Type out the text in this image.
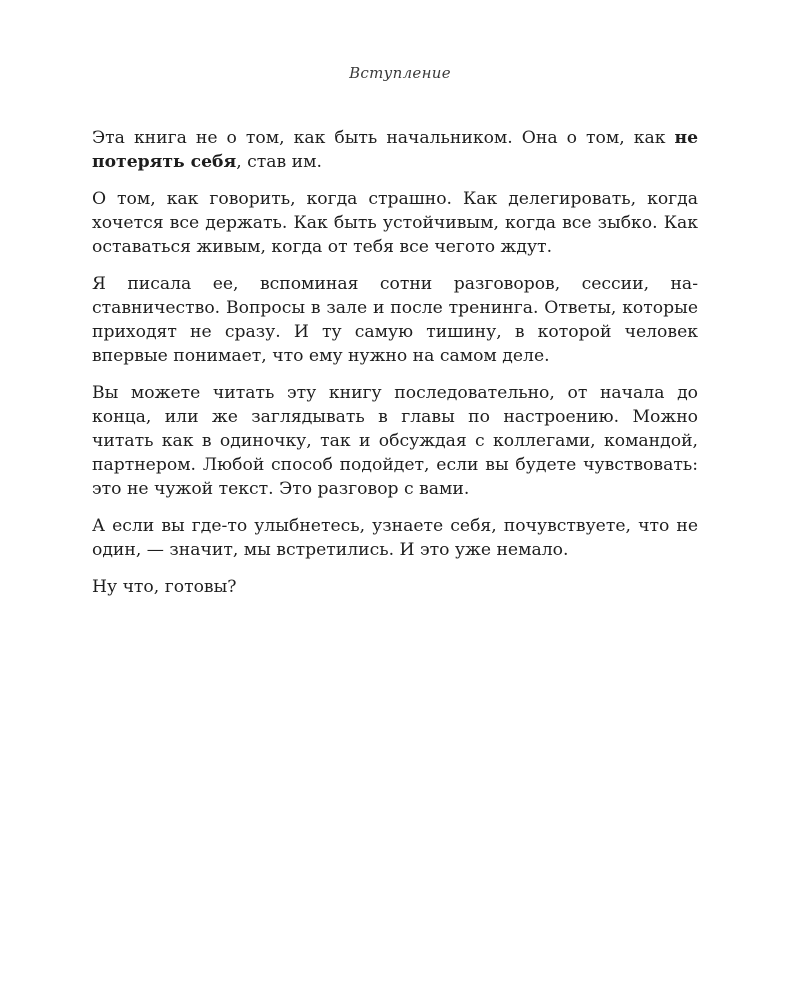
Вступление

Эта книга не о том, как быть начальником. Она о том, как не потерять себя, став им.

О том, как говорить, когда страшно. Как делегировать, когда хочется все держать. Как быть устойчивым, когда все зыбко. Как оставаться живым, когда от тебя все чегото ждут.

Я писала ее, вспоминая сотни разговоров, сессии, наставничество. Вопросы в зале и после тренинга. Ответы, которые приходят не сразу. И ту самую тишину, в которой человек впервые понимает, что ему нужно на самом деле.

Вы можете читать эту книгу последовательно, от начала до конца, или же заглядывать в главы по настроению. Можно читать как в одиночку, так и обсуждая с коллегами, командой, партнером. Любой способ подойдет, если вы будете чувствовать: это не чужой текст. Это разговор с вами.

А если вы где-то улыбнетесь, узнаете себя, почувствуете, что не один, — значит, мы встретились. И это уже немало.

Ну что, готовы?
